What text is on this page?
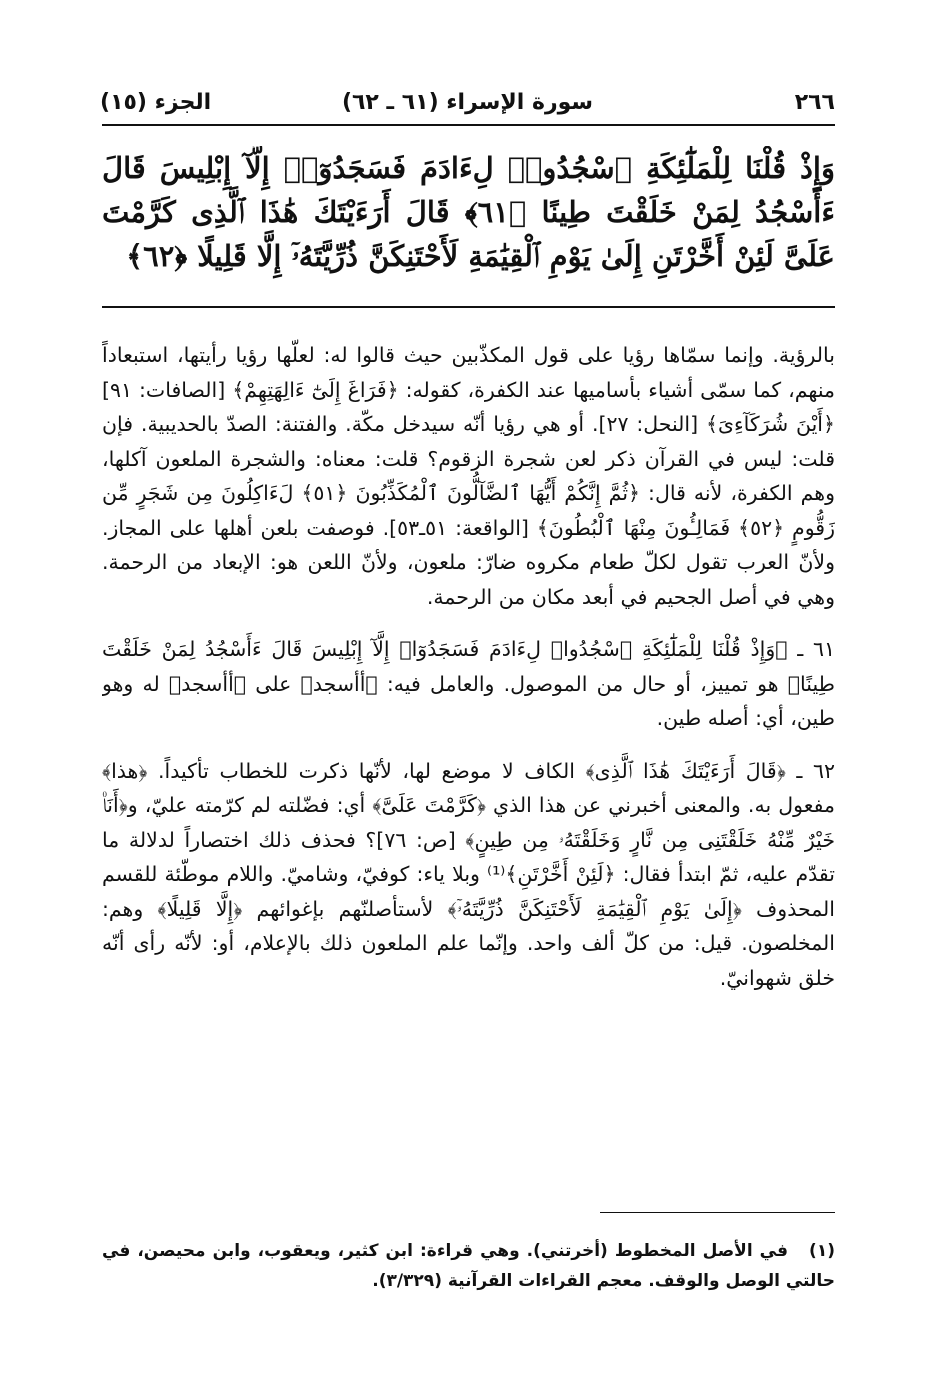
٢٦٦
سورة الإسراء (٦١ ـ ٦٢)
الجزء (١٥)
وَإِذْ قُلْنَا لِلْمَلَٰٓئِكَةِ ٱسْجُدُوا۟ لِءَادَمَ فَسَجَدُوٓا۟ إِلَّآ إِبْلِيسَ قَالَ ءَأَسْجُدُ لِمَنْ خَلَقْتَ طِينًا ﴿٦١﴾ قَالَ أَرَءَيْتَكَ هَٰذَا ٱلَّذِى كَرَّمْتَ عَلَىَّ لَئِنْ أَخَّرْتَنِ إِلَىٰ يَوْمِ ٱلْقِيَٰمَةِ لَأَحْتَنِكَنَّ ذُرِّيَّتَهُۥٓ إِلَّا قَلِيلًا ﴿٦٢﴾

بالرؤية. وإنما سمّاها رؤيا على قول المكذّبين حيث قالوا له: لعلّها رؤيا رأيتها، استبعاداً منهم، كما سمّى أشياء بأساميها عند الكفرة، كقوله: ﴿فَرَاغَ إِلَىٰٓ ءَالِهَتِهِمْ﴾ [الصافات: ٩١] ﴿أَيْنَ شُرَكَآءِىَ﴾ [النحل: ٢٧]. أو هي رؤيا أنّه سيدخل مكّة. والفتنة: الصدّ بالحديبية. فإن قلت: ليس في القرآن ذكر لعن شجرة الزقوم؟ قلت: معناه: والشجرة الملعون آكلها، وهم الكفرة، لأنه قال: ﴿ثُمَّ إِنَّكُمْ أَيُّهَا ٱلضَّآلُّونَ ٱلْمُكَذِّبُونَ ﴿٥١﴾ لَءَاكِلُونَ مِن شَجَرٍ مِّن زَقُّومٍ ﴿٥٢﴾ فَمَالِـُٔونَ مِنْهَا ٱلْبُطُونَ﴾ [الواقعة: ٥١ـ٥٣]. فوصفت بلعن أهلها على المجاز. ولأنّ العرب تقول لكلّ طعام مكروه ضارّ: ملعون، ولأنّ اللعن هو: الإبعاد من الرحمة. وهي في أصل الجحيم في أبعد مكان من الرحمة.

٦١ ـ ﴿وَإِذْ قُلْنَا لِلْمَلَٰٓئِكَةِ ٱسْجُدُوا۟ لِءَادَمَ فَسَجَدُوٓا۟ إِلَّآ إِبْلِيسَ قَالَ ءَأَسْجُدُ لِمَنْ خَلَقْتَ طِينًا﴾ هو تمييز، أو حال من الموصول. والعامل فيه: ﴿أأسجد﴾ على ﴿أأسجد﴾ له وهو طين، أي: أصله طين.

٦٢ ـ ﴿قَالَ أَرَءَيْتَكَ هَٰذَا ٱلَّذِى﴾ الكاف لا موضع لها، لأنّها ذكرت للخطاب تأكيداً. ﴿هذا﴾ مفعول به. والمعنى أخبرني عن هذا الذي ﴿كَرَّمْتَ عَلَىَّ﴾ أي: فضّلته لم كرّمته عليّ، و﴿أَنَا۠ خَيْرٌ مِّنْهُ خَلَقْتَنِى مِن نَّارٍ وَخَلَقْتَهُۥ مِن طِينٍ﴾ [ص: ٧٦]؟ فحذف ذلك اختصاراً لدلالة ما تقدّم عليه، ثمّ ابتدأ فقال: ﴿لَئِنْ أَخَّرْتَنِ﴾⁽¹⁾ وبلا ياء: كوفيّ، وشاميّ. واللام موطّئة للقسم المحذوف ﴿إِلَىٰ يَوْمِ ٱلْقِيَٰمَةِ لَأَحْتَنِكَنَّ ذُرِّيَّتَهُۥٓ﴾ لأستأصلنّهم بإغوائهم ﴿إِلَّا قَلِيلًا﴾ وهم: المخلصون. قيل: من كلّ ألف واحد. وإنّما علم الملعون ذلك بالإعلام، أو: لأنّه رأى أنّه خلق شهوانيّ.

(١) في الأصل المخطوط (أخرتني). وهي قراءة: ابن كثير، ويعقوب، وابن محيصن، في حالتي الوصل والوقف. معجم القراءات القرآنية (٣/٣٢٩).
